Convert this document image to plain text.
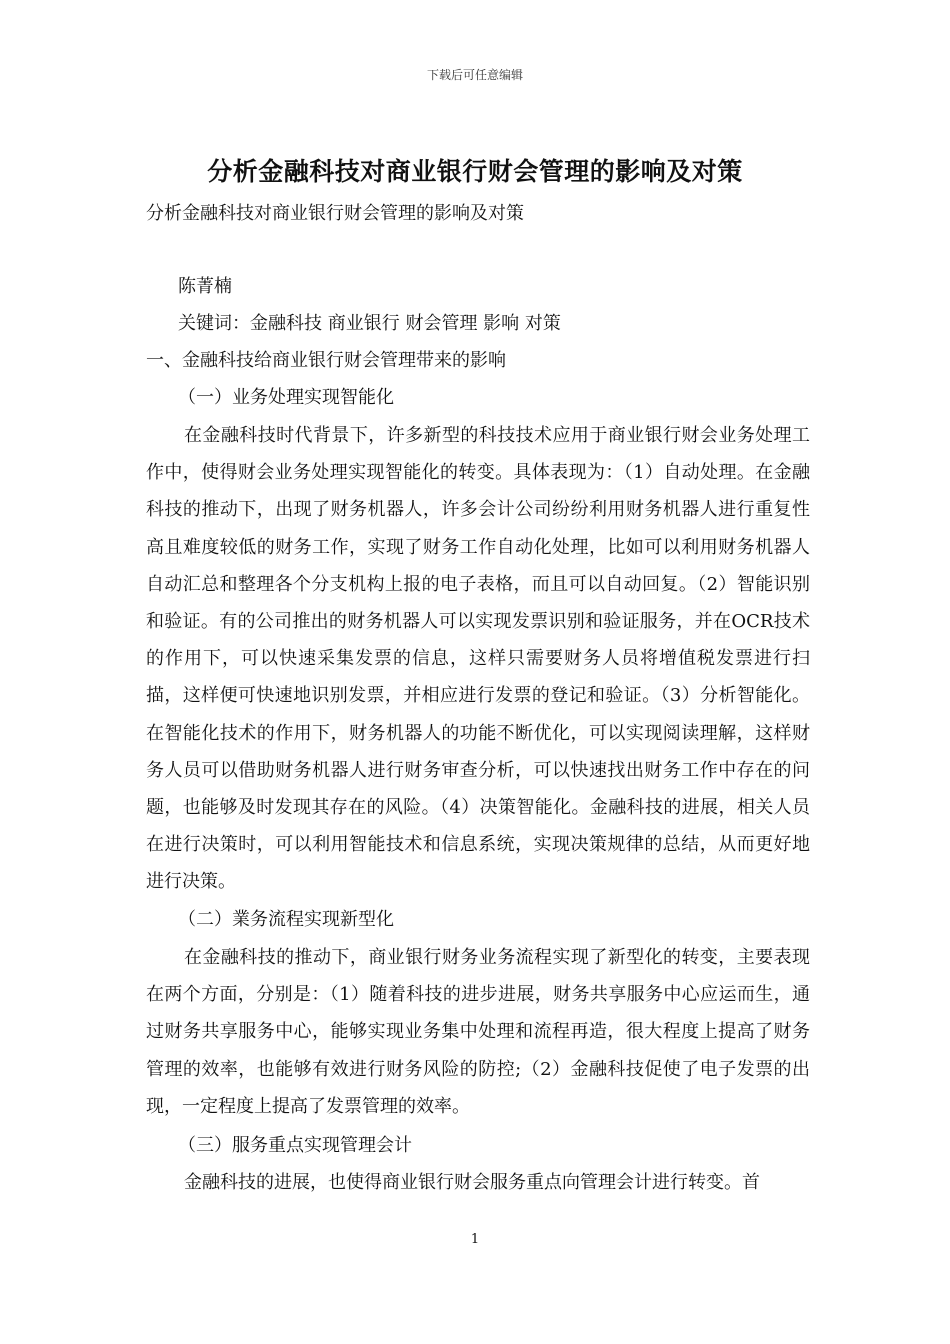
下载后可任意编辑
分析金融科技对商业银行财会管理的影响及对策
分析金融科技对商业银行财会管理的影响及对策
陈菁楠
关键词：金融科技 商业银行 财会管理 影响 对策
一、金融科技给商业银行财会管理带来的影响
（一）业务处理实现智能化

在金融科技时代背景下，许多新型的科技技术应用于商业银行财会业务处理工作中，使得财会业务处理实现智能化的转变。具体表现为：（1）自动处理。在金融科技的推动下，出现了财务机器人，许多会计公司纷纷利用财务机器人进行重复性高且难度较低的财务工作，实现了财务工作自动化处理，比如可以利用财务机器人自动汇总和整理各个分支机构上报的电子表格，而且可以自动回复。（2）智能识别和验证。有的公司推出的财务机器人可以实现发票识别和验证服务，并在OCR技术的作用下，可以快速采集发票的信息，这样只需要财务人员将增值税发票进行扫描，这样便可快速地识别发票，并相应进行发票的登记和验证。（3）分析智能化。在智能化技术的作用下，财务机器人的功能不断优化，可以实现阅读理解，这样财务人员可以借助财务机器人进行财务审查分析，可以快速找出财务工作中存在的问题，也能够及时发现其存在的风险。（4）决策智能化。金融科技的进展，相关人员在进行决策时，可以利用智能技术和信息系统，实现决策规律的总结，从而更好地进行决策。

（二）業务流程实现新型化

在金融科技的推动下，商业银行财务业务流程实现了新型化的转变，主要表现在两个方面，分别是：（1）随着科技的进步进展，财务共享服务中心应运而生，通过财务共享服务中心，能够实现业务集中处理和流程再造，很大程度上提高了财务管理的效率，也能够有效进行财务风险的防控;（2）金融科技促使了电子发票的出现，一定程度上提高了发票管理的效率。

（三）服务重点实现管理会计

金融科技的进展，也使得商业银行财会服务重点向管理会计进行转变。首

1
